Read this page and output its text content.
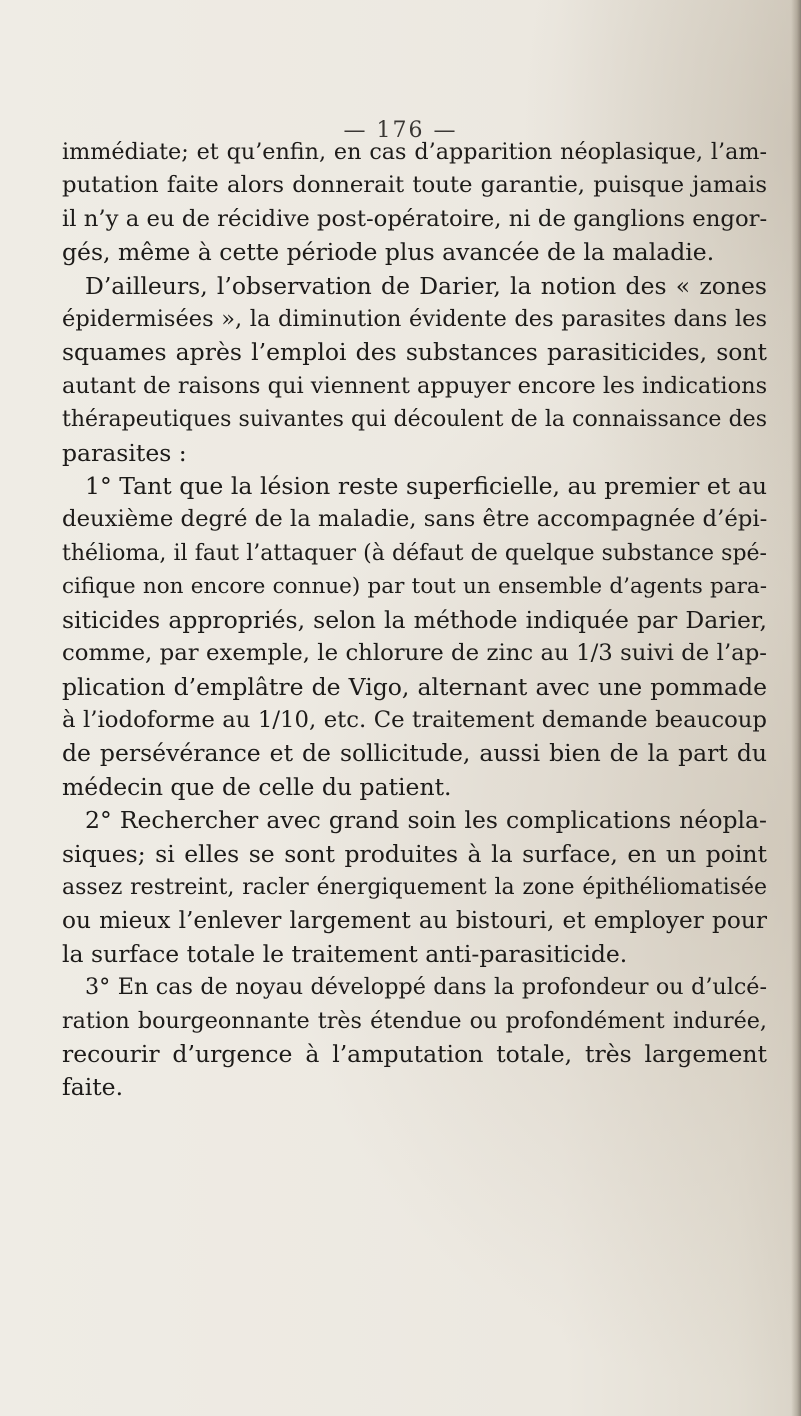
— 176 —
immédiate; et qu’enfin, en cas d’apparition néoplasique, l’am-
putation faite alors donnerait toute garantie, puisque jamais
il n’y a eu de récidive post-opératoire, ni de ganglions engor-
gés, même à cette période plus avancée de la maladie.
D’ailleurs, l’observation de Darier, la notion des « zones
épidermisées », la diminution évidente des parasites dans les
squames après l’emploi des substances parasiticides, sont
autant de raisons qui viennent appuyer encore les indications
thérapeutiques suivantes qui découlent de la connaissance des
parasites :
1° Tant que la lésion reste superficielle, au premier et au
deuxième degré de la maladie, sans être accompagnée d’épi-
thélioma, il faut l’attaquer (à défaut de quelque substance spé-
cifique non encore connue) par tout un ensemble d’agents para-
siticides appropriés, selon la méthode indiquée par Darier,
comme, par exemple, le chlorure de zinc au 1/3 suivi de l’ap-
plication d’emplâtre de Vigo, alternant avec une pommade
à l’iodoforme au 1/10, etc. Ce traitement demande beaucoup
de persévérance et de sollicitude, aussi bien de la part du
médecin que de celle du patient.
2° Rechercher avec grand soin les complications néopla-
siques; si elles se sont produites à la surface, en un point
assez restreint, racler énergiquement la zone épithéliomatisée
ou mieux l’enlever largement au bistouri, et employer pour
la surface totale le traitement anti-parasiticide.
3° En cas de noyau développé dans la profondeur ou d’ulcé-
ration bourgeonnante très étendue ou profondément indurée,
recourir d’urgence à l’amputation totale, très largement
faite.
